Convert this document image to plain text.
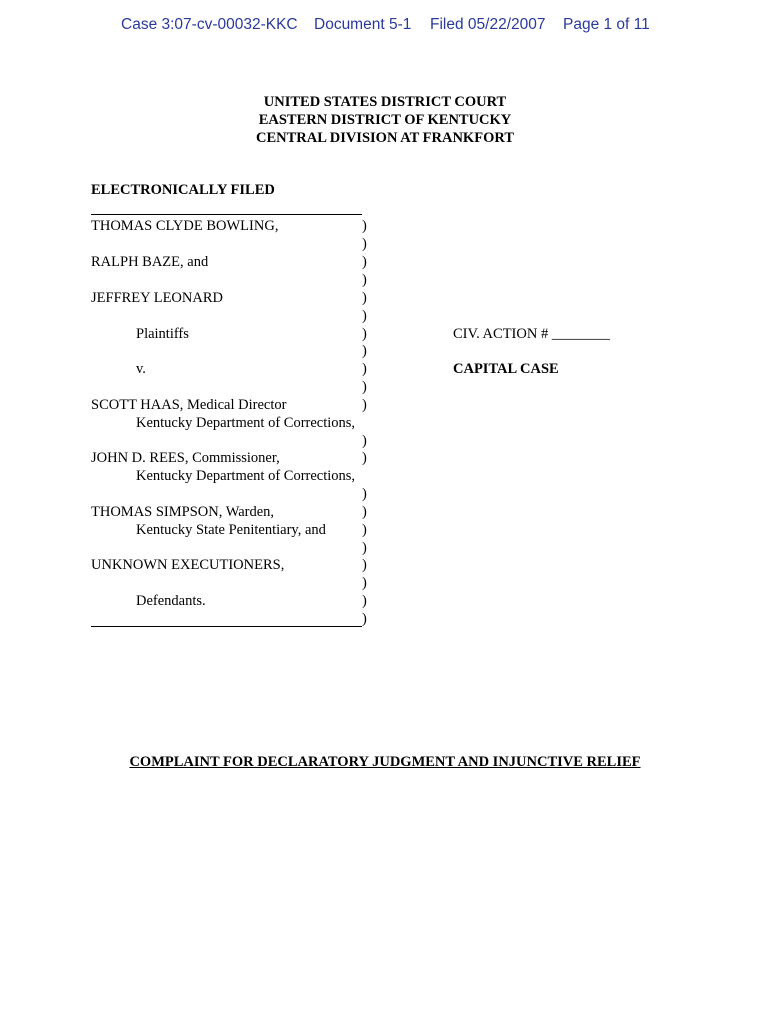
Case 3:07-cv-00032-KKC Document 5-1 Filed 05/22/2007 Page 1 of 11
UNITED STATES DISTRICT COURT
EASTERN DISTRICT OF KENTUCKY
CENTRAL DIVISION AT FRANKFORT
ELECTRONICALLY FILED
THOMAS CLYDE BOWLING,
RALPH BAZE, and
JEFFREY LEONARD
Plaintiffs
v.
SCOTT HAAS, Medical Director
Kentucky Department of Corrections,
JOHN D. REES, Commissioner,
Kentucky Department of Corrections,
THOMAS SIMPSON, Warden,
Kentucky State Penitentiary, and
UNKNOWN EXECUTIONERS,
Defendants.
)
)
)
)
)
)
)
)
)
)
)
)
)
)
)
)
)
)
)
)
)
CIV. ACTION # ________
CAPITAL CASE
COMPLAINT FOR DECLARATORY JUDGMENT AND INJUNCTIVE RELIEF
